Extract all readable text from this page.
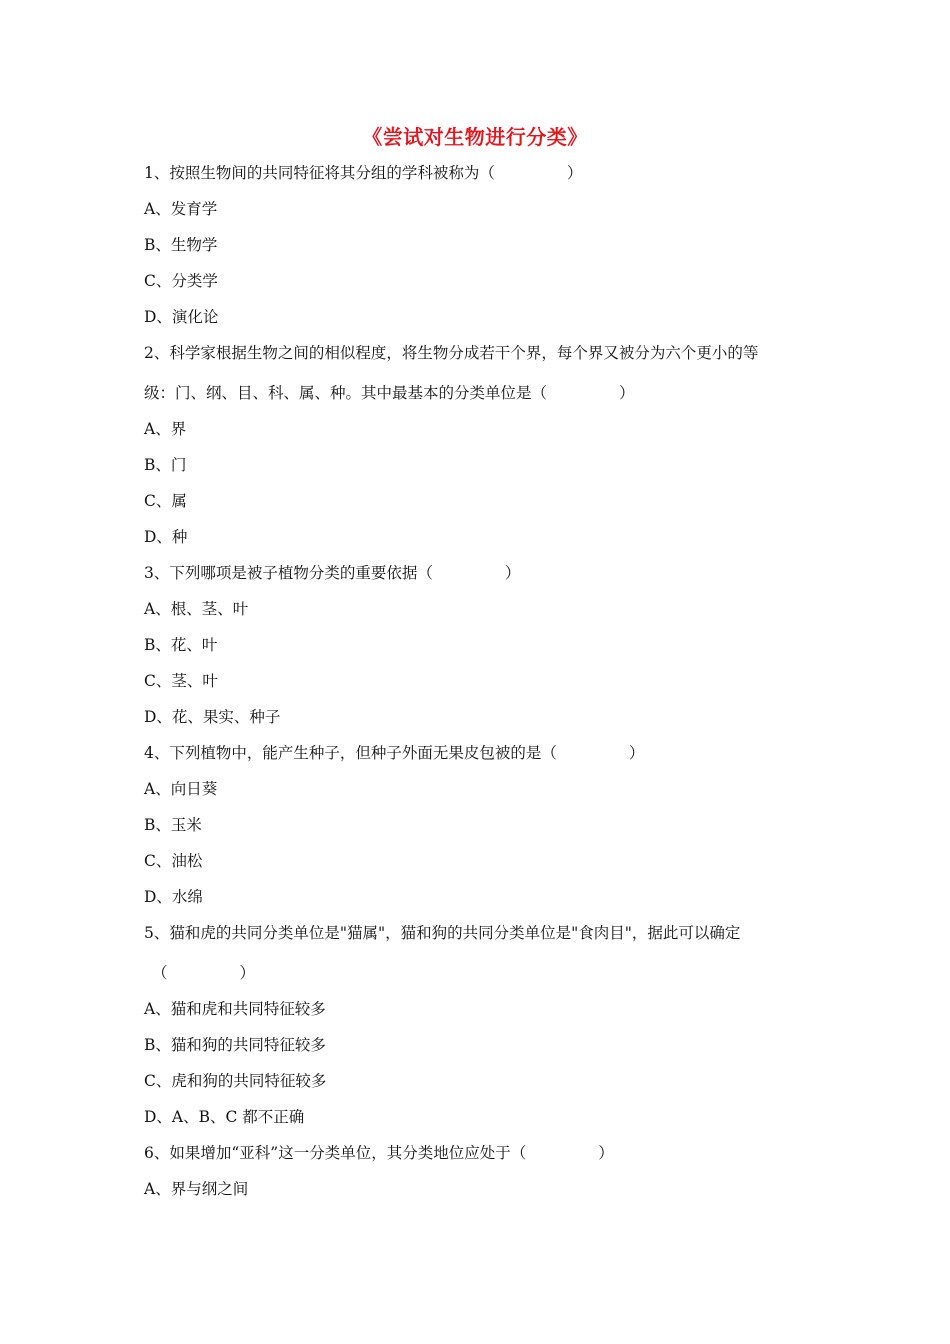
《尝试对生物进行分类》
1、按照生物间的共同特征将其分组的学科被称为（	）
A、发育学
B、生物学
C、分类学
D、演化论
2、科学家根据生物之间的相似程度，将生物分成若干个界，每个界又被分为六个更小的等
级：门、纲、目、科、属、种。其中最基本的分类单位是（	）
A、界
B、门
C、属
D、种
3、下列哪项是被子植物分类的重要依据（	）
A、根、茎、叶
B、花、叶
C、茎、叶
D、花、果实、种子
4、下列植物中，能产生种子，但种子外面无果皮包被的是（	）
A、向日葵
B、玉米
C、油松
D、水绵
5、猫和虎的共同分类单位是"猫属"，猫和狗的共同分类单位是"食肉目"，据此可以确定
（	）
A、猫和虎和共同特征较多
B、猫和狗的共同特征较多
C、虎和狗的共同特征较多
D、A、B、C 都不正确
6、如果增加“亚科”这一分类单位，其分类地位应处于（	）
A、界与纲之间
